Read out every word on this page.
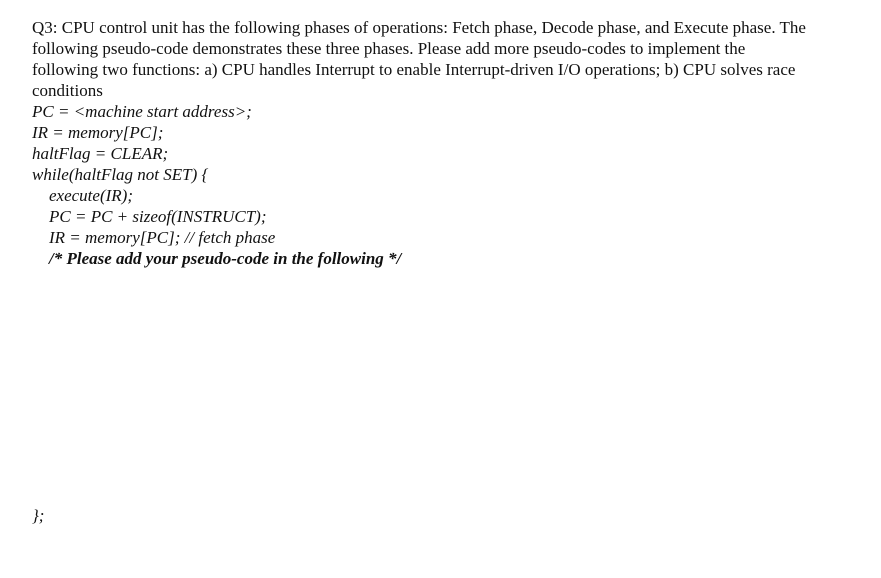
Q3: CPU control unit has the following phases of operations: Fetch phase, Decode phase, and Execute phase. The following pseudo-code demonstrates these three phases. Please add more pseudo-codes to implement the following two functions: a) CPU handles Interrupt to enable Interrupt-driven I/O operations; b) CPU solves race conditions

PC = <machine start address>;
IR = memory[PC];
haltFlag = CLEAR;
while(haltFlag not SET) {
execute(IR);
PC = PC + sizeof(INSTRUCT);
IR = memory[PC]; // fetch phase
/* Please add your pseudo-code in the following */

};
